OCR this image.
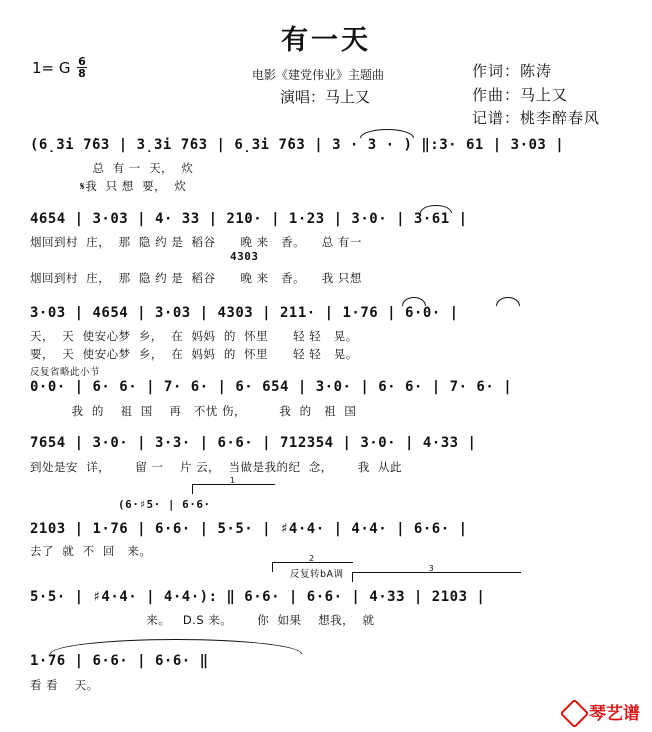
有一天
1= G 6
8	电影《建党伟业》主题曲
演唱：马上又
作词：陈涛
作曲：马上又
记谱：桃李醉春风
(6̣3i 7̇63 | 3̣3i 7̇63 | 6̣3i 7̇63 | 3 · 3 · ) ‖:3· 61 | 3·03 |
总  有 一  天，  炊
𝄋我  只 想  要，  炊
4654 | 3·03 | 4· 33 | 210· | 1·23 | 3·0· | 3·61 |
烟回到村  庄，  那  隐 约 是  稻谷      晚 来   香。    总 有一
4303
烟回到村  庄，  那  隐 约 是  稻谷      晚 来   香。    我 只想
3·03 | 4654 | 3·03 | 4303 | 211· | 1·76 | 6·0· |
天，  天  使安心梦  乡，  在  妈妈  的  怀里      轻 轻   晃。
要，  天  使安心梦  乡，  在  妈妈  的  怀里      轻 轻   晃。
反复省略此小节
0·0· | 6· 6· | 7· 6· | 6· 654 | 3·0· | 6· 6· | 7· 6· |
我  的    祖  国    再   不忧 伤，        我  的   祖  国
7654 | 3·0· | 3·3· | 6·6· | 712354 | 3·0· | 4·33 |
到处是安  详，      留 一    片 云，  当做是我的纪  念，      我  从此
(6·♯5· | 6·6·
1
2103 | 1·76 | 6·6· | 5·5· | ♯4·4· | 4·4· | 6·6· |
去了  就  不  回   来。
反复转bA调
2
3
5·5· | ♯4·4· | 4·4·): ‖ 6·6· | 6·6· | 4·33 | 2103 |
来。   D.S 来。      你  如果    想我，  就
1·76 | 6·6· | 6·6· ‖
看 看    天。
琴艺谱
